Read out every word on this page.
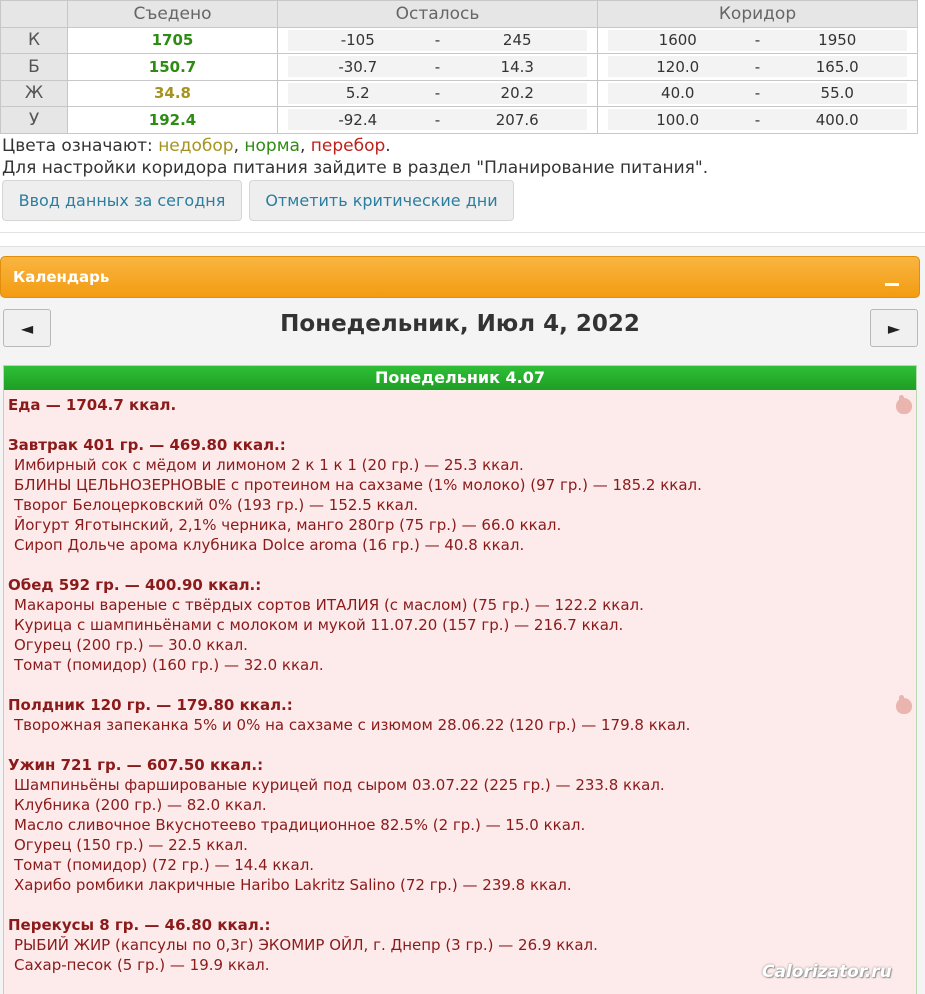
	Съедено	Осталось	Коридор
К	1705	-105 - 245	1600 - 1950

Б	150.7	-30.7 - 14.3	120.0 - 165.0

Ж	34.8	5.2 - 20.2	40.0 - 55.0

У	192.4	-92.4 - 207.6	100.0 - 400.0
Цвета означают: недобор, норма, перебор.
Для настройки коридора питания зайдите в раздел "Планирование питания".
Ввод данных за сегодня	Отметить критические дни
Календарь
◄	Понедельник, Июл 4, 2022	►
Понедельник 4.07
Еда — 1704.7 ккал.
Завтрак 401 гр. — 469.80 ккал.:
Имбирный сок с мёдом и лимоном 2 к 1 к 1 (20 гр.) — 25.3 ккал.
БЛИНЫ ЦЕЛЬНОЗЕРНОВЫЕ с протеином на сахзаме (1% молоко) (97 гр.) — 185.2 ккал.
Творог Белоцерковский 0% (193 гр.) — 152.5 ккал.
Йогурт Яготынский, 2,1% черника, манго 280гр (75 гр.) — 66.0 ккал.
Сироп Дольче арома клубника Dolce aroma (16 гр.) — 40.8 ккал.
Обед 592 гр. — 400.90 ккал.:
Макароны вареные с твёрдых сортов ИТАЛИЯ (с маслом) (75 гр.) — 122.2 ккал.
Курица с шампиньёнами с молоком и мукой 11.07.20 (157 гр.) — 216.7 ккал.
Огурец (200 гр.) — 30.0 ккал.
Томат (помидор) (160 гр.) — 32.0 ккал.
Полдник 120 гр. — 179.80 ккал.:
Творожная запеканка 5% и 0% на сахзаме с изюмом 28.06.22 (120 гр.) — 179.8 ккал.
Ужин 721 гр. — 607.50 ккал.:
Шампиньёны фаршированые курицей под сыром 03.07.22 (225 гр.) — 233.8 ккал.
Клубника (200 гр.) — 82.0 ккал.
Масло сливочное Вкуснотеево традиционное 82.5% (2 гр.) — 15.0 ккал.
Огурец (150 гр.) — 22.5 ккал.
Томат (помидор) (72 гр.) — 14.4 ккал.
Харибо ромбики лакричные Haribo Lakritz Salino (72 гр.) — 239.8 ккал.
Перекусы 8 гр. — 46.80 ккал.:
РЫБИЙ ЖИР (капсулы по 0,3г) ЭКОМИР ОЙЛ, г. Днепр (3 гр.) — 26.9 ккал.
Сахар-песок (5 гр.) — 19.9 ккал.	Calorizator.ru
